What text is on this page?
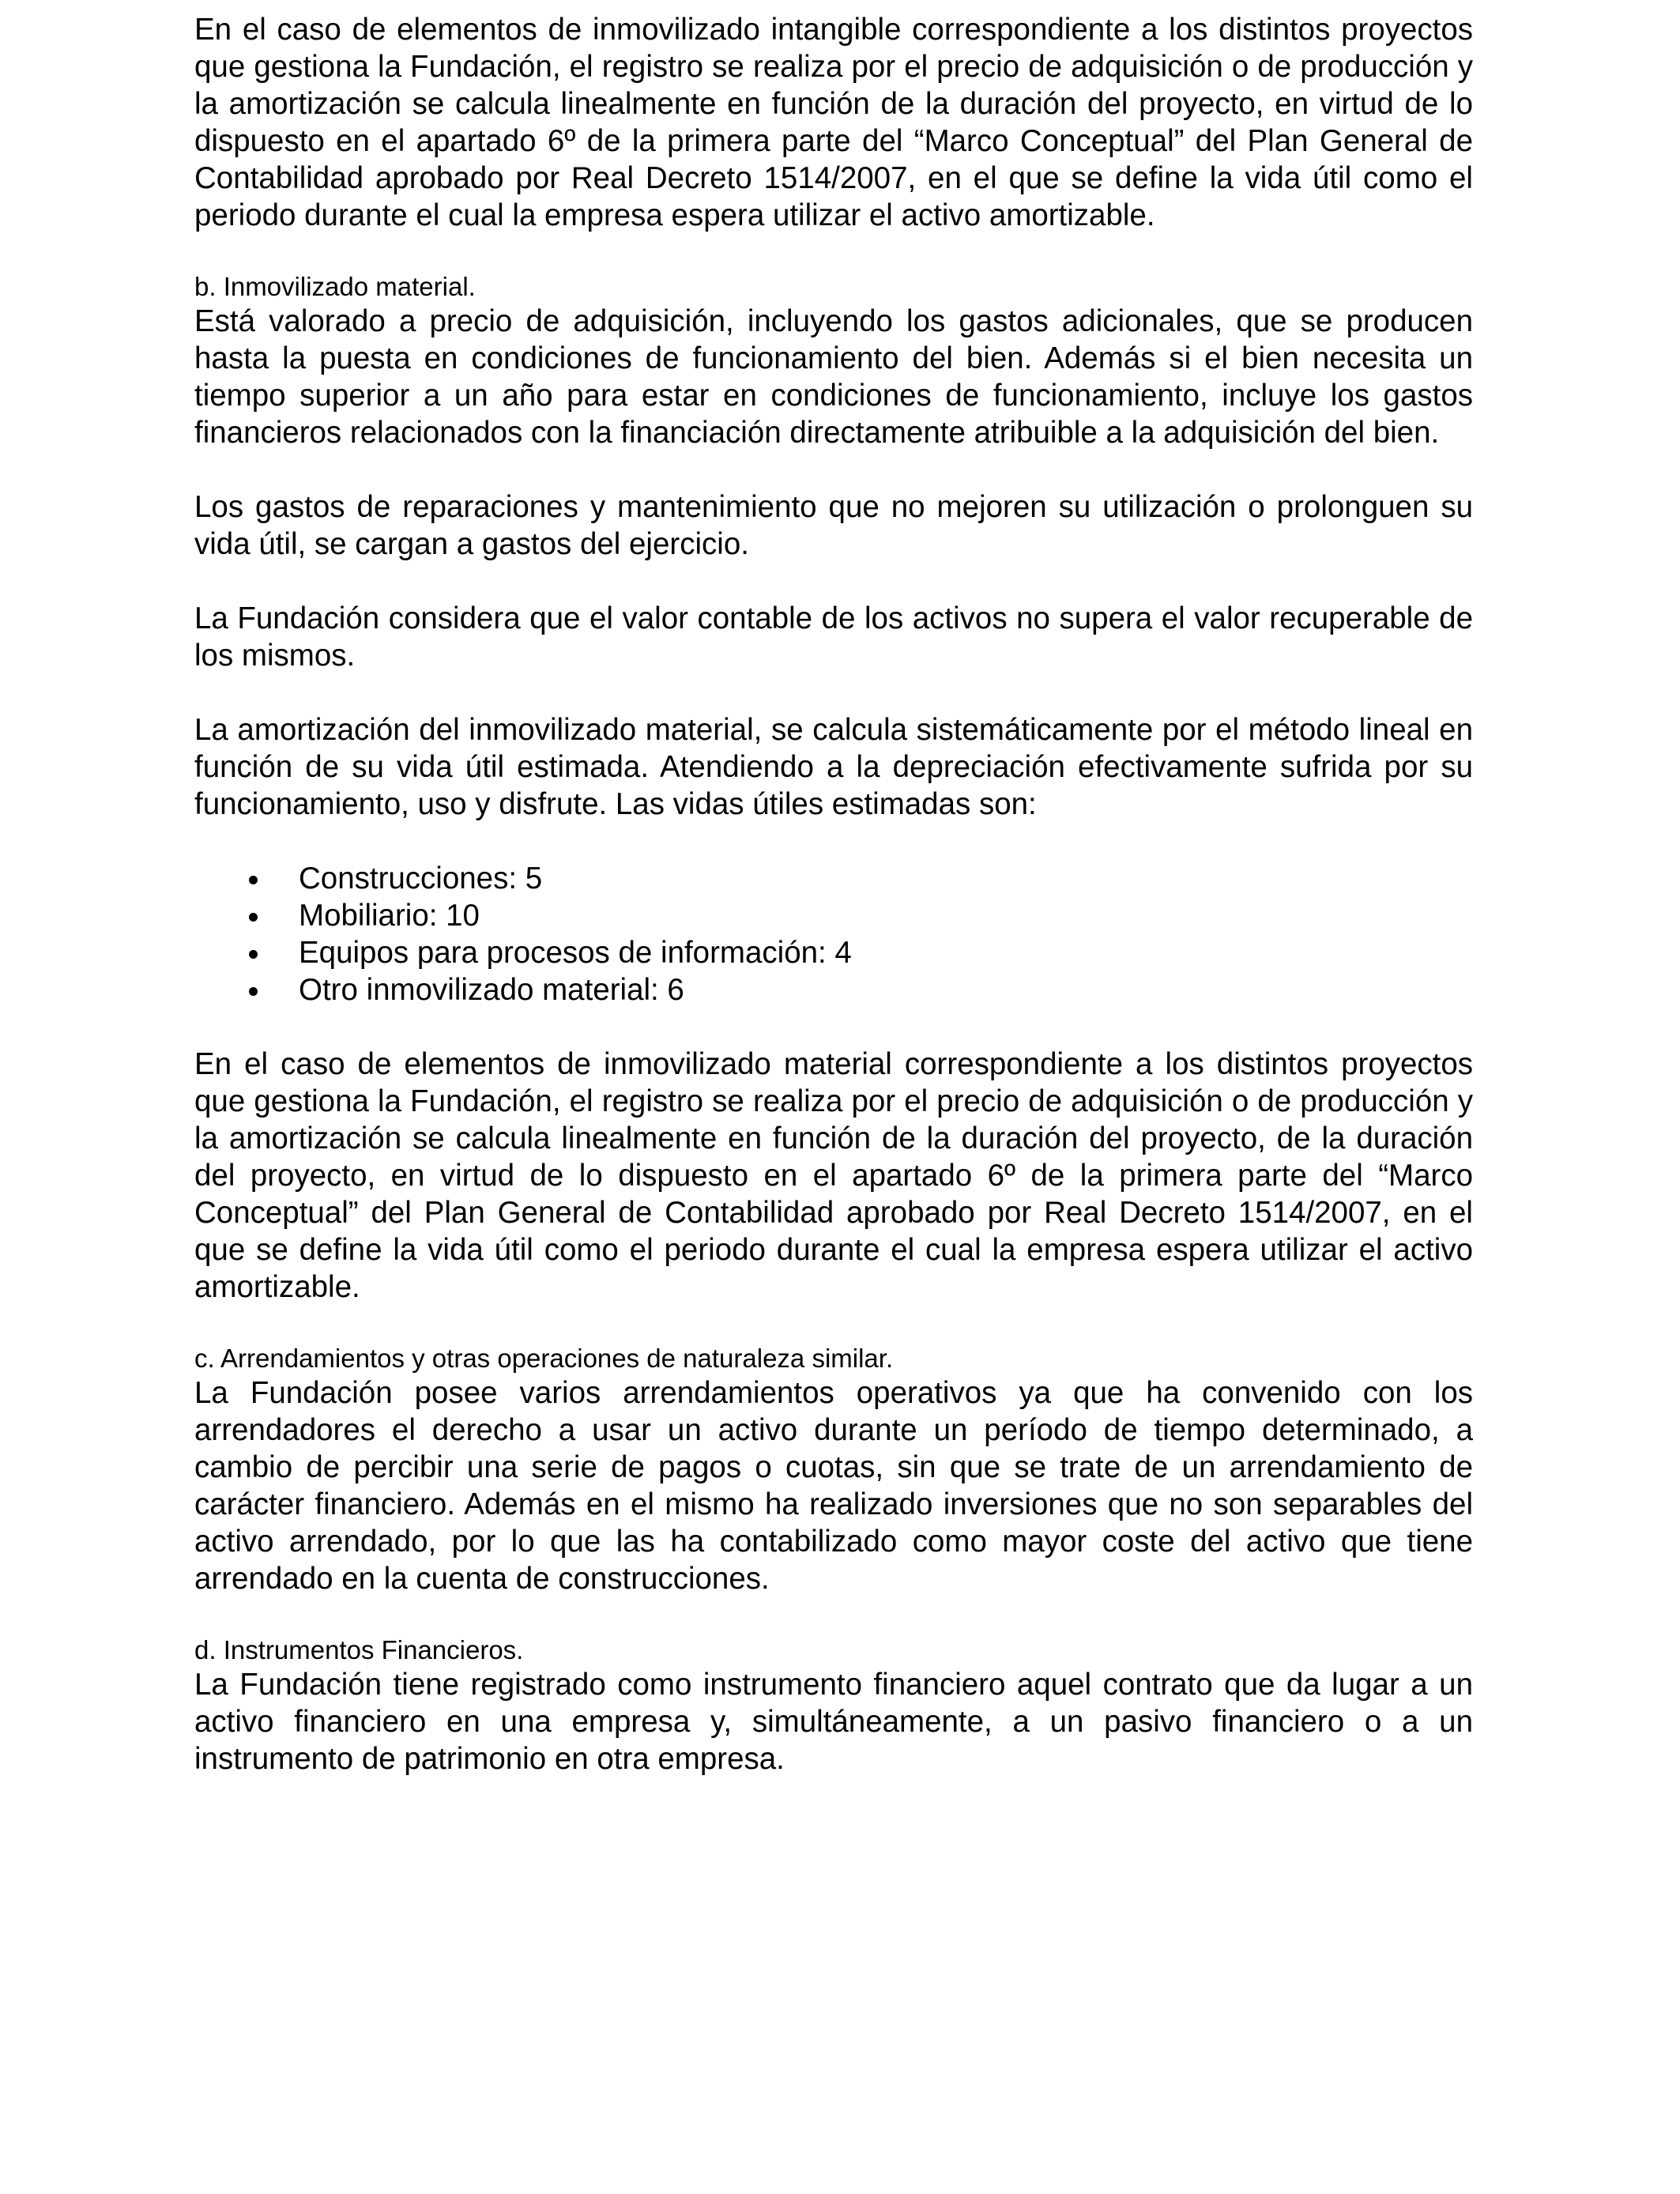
En el caso de elementos de inmovilizado intangible correspondiente a los distintos proyectos que gestiona la Fundación, el registro se realiza por el precio de adquisición o de producción y la amortización se calcula linealmente en función de la duración del proyecto, en virtud de lo dispuesto en el apartado 6º de la primera parte del “Marco Conceptual” del Plan General de Contabilidad aprobado por Real Decreto 1514/2007, en el que se define la vida útil como el periodo durante el cual la empresa espera utilizar el activo amortizable.

b. Inmovilizado material.

Está valorado a precio de adquisición, incluyendo los gastos adicionales, que se producen hasta la puesta en condiciones de funcionamiento del bien. Además si el bien necesita un tiempo superior a un año para estar en condiciones de funcionamiento, incluye los gastos financieros relacionados con la financiación directamente atribuible a la adquisición del bien.

Los gastos de reparaciones y mantenimiento que no mejoren su utilización o prolonguen su vida útil, se cargan a gastos del ejercicio.

La Fundación considera que el valor contable de los activos no supera el valor recuperable de los mismos.

La amortización del inmovilizado material, se calcula sistemáticamente por el método lineal en función de su vida útil estimada. Atendiendo a la depreciación efectivamente sufrida por su funcionamiento, uso y disfrute. Las vidas útiles estimadas son:

Construcciones: 5
Mobiliario: 10
Equipos para procesos de información: 4
Otro inmovilizado material: 6

En el caso de elementos de inmovilizado material correspondiente a los distintos proyectos que gestiona la Fundación, el registro se realiza por el precio de adquisición o de producción y la amortización se calcula linealmente en función de la duración del proyecto, de la duración del proyecto, en virtud de lo dispuesto en el apartado 6º de la primera parte del “Marco Conceptual” del Plan General de Contabilidad aprobado por Real Decreto 1514/2007, en el que se define la vida útil como el periodo durante el cual la empresa espera utilizar el activo amortizable.

c. Arrendamientos y otras operaciones de naturaleza similar.

La Fundación posee varios arrendamientos operativos ya que ha convenido con los arrendadores el derecho a usar un activo durante un período de tiempo determinado, a cambio de percibir una serie de pagos o cuotas, sin que se trate de un arrendamiento de carácter financiero. Además en el mismo ha realizado inversiones que no son separables del activo arrendado, por lo que las ha contabilizado como mayor coste del activo que tiene arrendado en la cuenta de construcciones.

d. Instrumentos Financieros.

La Fundación tiene registrado como instrumento financiero aquel contrato que da lugar a un activo financiero en una empresa y, simultáneamente, a un pasivo financiero o a un instrumento de patrimonio en otra empresa.
